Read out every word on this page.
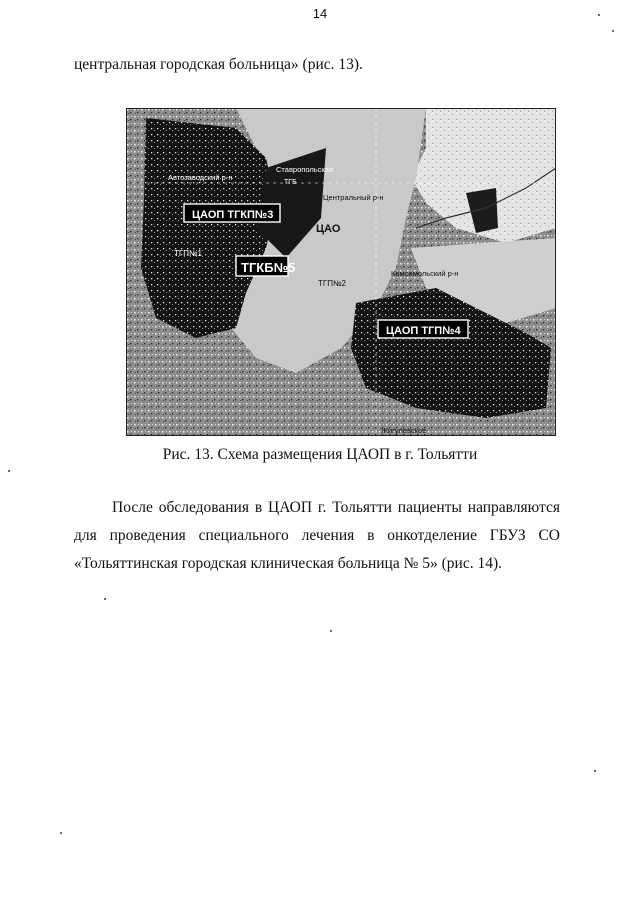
14
центральная городская больница» (рис. 13).
Автозаводский р-н
Ставропольская
ТГБ
Центральный р-н
ЦАО
ТГП№1
ТГП№2
Комсомольский р-н
Жигулевское
ЦАОП ТГКП№3
ТГКБ№5
ЦАОП ТГП№4
Рис. 13. Схема размещения ЦАОП в г. Тольятти
После обследования в ЦАОП г. Тольятти пациенты направляются
для проведения специального лечения в онкотделение ГБУЗ СО
«Тольяттинская городская клиническая больница № 5» (рис. 14).
